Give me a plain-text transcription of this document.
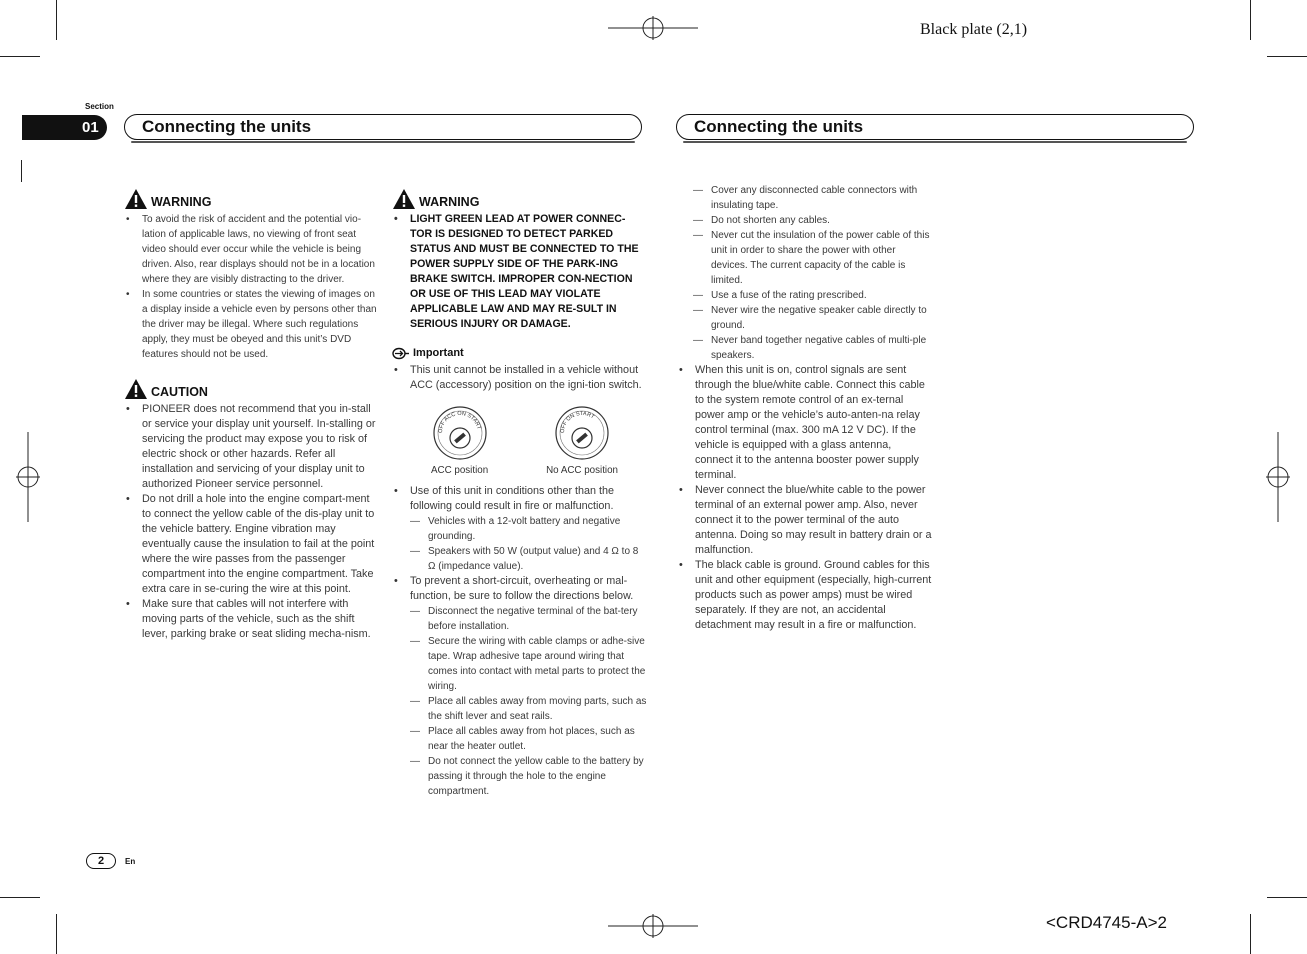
Black plate (2,1)
<CRD4745-A>2
Section
01	Connecting the units	Connecting the units
WARNING
• To avoid the risk of accident and the potential vio-lation of applicable laws, no viewing of front seat video should ever occur while the vehicle is being driven. Also, rear displays should not be in a location where they are visibly distracting to the driver.
• In some countries or states the viewing of images on a display inside a vehicle even by persons other than the driver may be illegal. Where such regulations apply, they must be obeyed and this unit’s DVD features should not be used.
CAUTION
• PIONEER does not recommend that you in-stall or service your display unit yourself. In-stalling or servicing the product may expose you to risk of electric shock or other hazards. Refer all installation and servicing of your display unit to authorized Pioneer service personnel.
• Do not drill a hole into the engine compart-ment to connect the yellow cable of the dis-play unit to the vehicle battery. Engine vibration may eventually cause the insulation to fail at the point where the wire passes from the passenger compartment into the engine compartment. Take extra care in se-curing the wire at this point.
• Make sure that cables will not interfere with moving parts of the vehicle, such as the shift lever, parking brake or seat sliding mecha-nism.
WARNING
• LIGHT GREEN LEAD AT POWER CONNEC-TOR IS DESIGNED TO DETECT PARKED STATUS AND MUST BE CONNECTED TO THE POWER SUPPLY SIDE OF THE PARK-ING BRAKE SWITCH. IMPROPER CON-NECTION OR USE OF THIS LEAD MAY VIOLATE APPLICABLE LAW AND MAY RE-SULT IN SERIOUS INJURY OR DAMAGE.
Important
• This unit cannot be installed in a vehicle without ACC (accessory) position on the igni-tion switch.
OFF ACC ON START
ACC position
OFF ON START
No ACC position
• Use of this unit in conditions other than the following could result in fire or malfunction.
— Vehicles with a 12-volt battery and negative grounding.
— Speakers with 50 W (output value) and 4 Ω to 8 Ω (impedance value).
• To prevent a short-circuit, overheating or mal-function, be sure to follow the directions below.
— Disconnect the negative terminal of the bat-tery before installation.
— Secure the wiring with cable clamps or adhe-sive tape. Wrap adhesive tape around wiring that comes into contact with metal parts to protect the wiring.
— Place all cables away from moving parts, such as the shift lever and seat rails.
— Place all cables away from hot places, such as near the heater outlet.
— Do not connect the yellow cable to the battery by passing it through the hole to the engine compartment.
— Cover any disconnected cable connectors with insulating tape.
— Do not shorten any cables.
— Never cut the insulation of the power cable of this unit in order to share the power with other devices. The current capacity of the cable is limited.
— Use a fuse of the rating prescribed.
— Never wire the negative speaker cable directly to ground.
— Never band together negative cables of multi-ple speakers.
• When this unit is on, control signals are sent through the blue/white cable. Connect this cable to the system remote control of an ex-ternal power amp or the vehicle’s auto-anten-na relay control terminal (max. 300 mA 12 V DC). If the vehicle is equipped with a glass antenna, connect it to the antenna booster power supply terminal.
• Never connect the blue/white cable to the power terminal of an external power amp. Also, never connect it to the power terminal of the auto antenna. Doing so may result in battery drain or a malfunction.
• The black cable is ground. Ground cables for this unit and other equipment (especially, high-current products such as power amps) must be wired separately. If they are not, an accidental detachment may result in a fire or malfunction.
2	En
